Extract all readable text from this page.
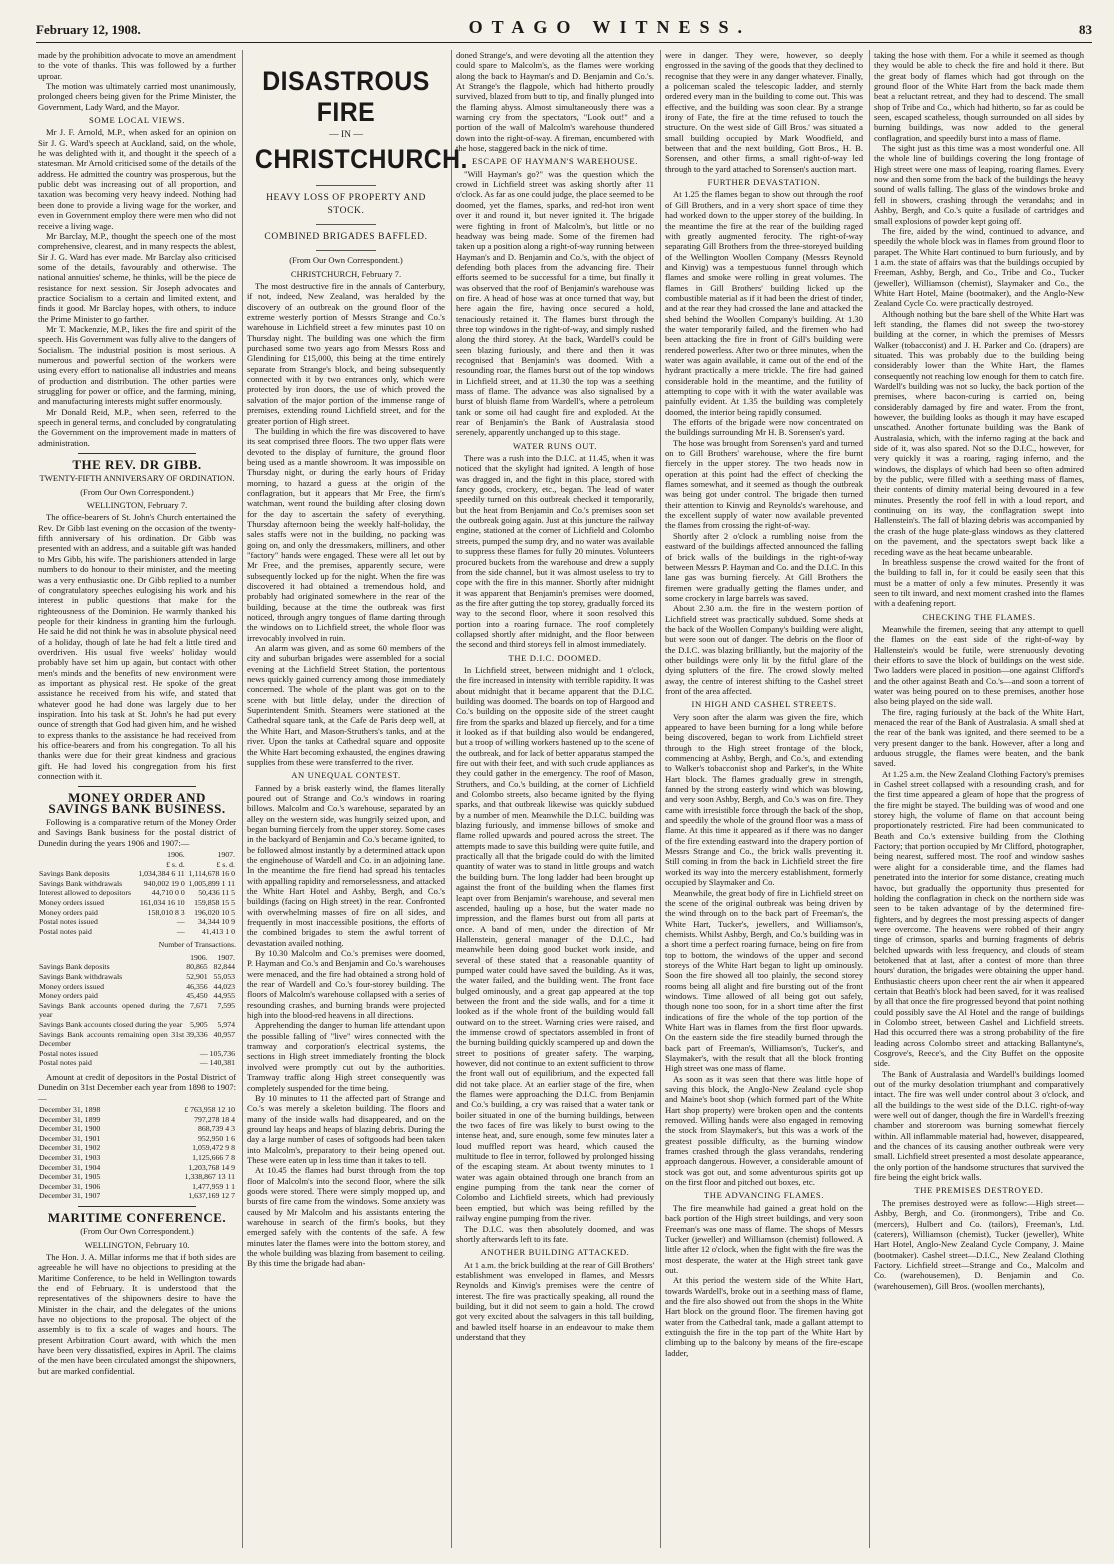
February 12, 1908.	OTAGO WITNESS.	83

made by the prohibition advocate to move an amendment to the vote of thanks. This was followed by a further uproar.

The motion was ultimately carried most unanimously, prolonged cheers being given for the Prime Minister, the Government, Lady Ward, and the Mayor.

SOME LOCAL VIEWS.

Mr J. F. Arnold, M.P., when asked for an opinion on Sir J. G. Ward's speech at Auckland, said, on the whole, he was delighted with it, and thought it the speech of a statesman. Mr Arnold criticised some of the details of the address. He admitted the country was prosperous, but the public debt was increasing out of all proportion, and taxation was becoming very heavy indeed. Nothing had been done to provide a living wage for the worker, and even in Government employ there were men who did not receive a living wage.

Mr Barclay, M.P., thought the speech one of the most comprehensive, clearest, and in many respects the ablest, Sir J. G. Ward has ever made. Mr Barclay also criticised some of the details, favourably and otherwise. The national annuities' scheme, he thinks, will be the piece de resistance for next session. Sir Joseph advocates and practice Socialism to a certain and limited extent, and finds it good. Mr Barclay hopes, with others, to induce the Prime Minister to go farther.

Mr T. Mackenzie, M.P., likes the fire and spirit of the speech. His Government was fully alive to the dangers of Socialism. The industrial position is most serious. A numerous and powerful section of the workers were using every effort to nationalise all industries and means of production and distribution. The other parties were struggling for power or office, and the farming, mining, and manufacturing interests might suffer enormously.

Mr Donald Reid, M.P., when seen, referred to the speech in general terms, and concluded by congratulating the Government on the improvement made in matters of administration.

THE REV. DR GIBB.
TWENTY-FIFTH ANNIVERSARY OF ORDINATION.
(From Our Own Correspondent.)
WELLINGTON, February 7.

The office-bearers of St. John's Church entertained the Rev. Dr Gibb last evening on the occasion of the twenty-fifth anniversary of his ordination. Dr Gibb was presented with an address, and a suitable gift was handed to Mrs Gibb, his wife. The parishioners attended in large numbers to do honour to their minister, and the meeting was a very enthusiastic one. Dr Gibb replied to a number of congratulatory speeches eulogising his work and his interest in public questions that make for the righteousness of the Dominion. He warmly thanked his people for their kindness in granting him the furlough. He said he did not think he was in absolute physical need of a holiday, though of late he had felt a little tired and overdriven. His usual five weeks' holiday would probably have set him up again, but contact with other men's minds and the benefits of new environment were as important as physical rest. He spoke of the great assistance he received from his wife, and stated that whatever good he had done was largely due to her inspiration. Into his task at St. John's he had put every ounce of strength that God had given him, and he wished to express thanks to the assistance he had received from his office-bearers and from his congregation. To all his thanks were due for their great kindness and gracious gift. He had loved his congregation from his first connection with it.

MONEY ORDER AND SAVINGS BANK BUSINESS.

Following is a comparative return of the Money Order and Savings Bank business for the postal district of Dunedin during the years 1906 and 1907:—

	1906.	1907.
	£ s. d.	£ s. d.
Savings Bank deposits	1,034,384 6 11	1,114,678 16 0
Savings Bank withdrawals	940,002 19 0	1,005,899 1 11
Interest allowed to depositors	44,710 0 0	50,436 11 5
Money orders issued	161,034 16 10	159,858 15 5
Money orders paid	158,010 8 3	196,020 10 5
Postal notes issued	—	34,344 10 9
Postal notes paid	—	41,413 1 0
Number of Transactions.
	1906.	1907.
Savings Bank deposits	80,865	82,844
Savings Bank withdrawals	52,901	55,053
Money orders issued	46,356	44,023
Money orders paid	45,450	44,955
Savings Bank accounts opened during the year	7,671	7,595
Savings Bank accounts closed during the year	5,905	5,974
Savings Bank accounts remaining open 31st December	39,336	40,957
Postal notes issued	—	105,736
Postal notes paid	—	140,381

Amount at credit of depositors in the Postal District of Dunedin on 31st December each year from 1898 to 1907:—

December 31, 1898	£ 763,958 12 10
December 31, 1899	797,278 18 4
December 31, 1900	868,739 4 3
December 31, 1901	952,950 1 6
December 31, 1902	1,059,472 9 8
December 31, 1903	1,125,666 7 8
December 31, 1904	1,203,768 14 9
December 31, 1905	1,338,867 13 11
December 31, 1906	1,477,959 1 1
December 31, 1907	1,637,169 12 7
MARITIME CONFERENCE.
(From Our Own Correspondent.)
WELLINGTON, February 10.

The Hon. J. A. Millar informs me that if both sides are agreeable he will have no objections to presiding at the Maritime Conference, to be held in Wellington towards the end of February. It is understood that the representatives of the shipowners desire to have the Minister in the chair, and the delegates of the unions have no objections to the proposal. The object of the assembly is to fix a scale of wages and hours. The present Arbitration Court award, with which the men have been very dissatisfied, expires in April. The claims of the men have been circulated amongst the shipowners, but are marked confidential.

DISASTROUS FIRE
— IN —
CHRISTCHURCH.
HEAVY LOSS OF PROPERTY AND STOCK.
COMBINED BRIGADES BAFFLED.
(From Our Own Correspondent.)
CHRISTCHURCH, February 7.

The most destructive fire in the annals of Canterbury, if not, indeed, New Zealand, was heralded by the discovery of an outbreak on the ground floor of the extreme westerly portion of Messrs Strange and Co.'s warehouse in Lichfield street a few minutes past 10 on Thursday night. The building was one which the firm purchased some two years ago from Messrs Ross and Glendining for £15,000, this being at the time entirely separate from Strange's block, and being subsequently connected with it by two entrances only, which were protected by iron doors, the use of which proved the salvation of the major portion of the immense range of premises, extending round Lichfield street, and for the greater portion of High street.

The building in which the fire was discovered to have its seat comprised three floors. The two upper flats were devoted to the display of furniture, the ground floor being used as a mantle showroom. It was impossible on Thursday night, or during the early hours of Friday morning, to hazard a guess at the origin of the conflagration, but it appears that Mr Free, the firm's watchman, went round the building after closing down for the day to ascertain the safety of everything. Thursday afternoon being the weekly half-holiday, the sales staffs were not in the building, no packing was going on, and only the dressmakers, milliners, and other "factory" hands were engaged. These were all let out by Mr Free, and the premises, apparently secure, were subsequently locked up for the night. When the fire was discovered it had obtained a tremendous hold, and probably had originated somewhere in the rear of the building, because at the time the outbreak was first noticed, through angry tongues of flame darting through the windows on to Lichfield street, the whole floor was irrevocably involved in ruin.

An alarm was given, and as some 60 members of the city and suburban brigades were assembled for a social evening at the Lichfield Street Station, the portentous news quickly gained currency among those immediately concerned. The whole of the plant was got on to the scene with but little delay, under the direction of Superintendent Smith. Steamers were stationed at the Cathedral square tank, at the Cafe de Paris deep well, at the White Hart, and Mason-Struthers's tanks, and at the river. Upon the tanks at Cathedral square and opposite the White Hart becoming exhausted, the engines drawing supplies from these were transferred to the river.

AN UNEQUAL CONTEST.

Fanned by a brisk easterly wind, the flames literally poured out of Strange and Co.'s windows in roaring billows. Malcolm and Co.'s warehouse, separated by an alley on the western side, was hungrily seized upon, and began burning fiercely from the upper storey. Some cases in the backyard of Benjamin and Co.'s became ignited, to be followed almost instantly by a determined attack upon the enginehouse of Wardell and Co. in an adjoining lane. In the meantime the fire fiend had spread his tentacles with appalling rapidity and remorselessness, and attacked the White Hart Hotel and Ashby, Bergh, and Co.'s buildings (facing on High street) in the rear. Confronted with overwhelming masses of fire on all sides, and frequently in most inaccessible positions, the efforts of the combined brigades to stem the awful torrent of devastation availed nothing.

By 10.30 Malcolm and Co.'s premises were doomed, P. Hayman and Co.'s and Benjamin and Co.'s warehouses were menaced, and the fire had obtained a strong hold of the rear of Wardell and Co.'s four-storey building. The floors of Malcolm's warehouse collapsed with a series of resounding crashes, and burning brands were projected high into the blood-red heavens in all directions.

Apprehending the danger to human life attendant upon the possible falling of "live" wires connected with the tramway and corporation's electrical systems, the sections in High street immediately fronting the block involved were promptly cut out by the authorities. Tramway traffic along High street consequently was completely suspended for the time being.

By 10 minutes to 11 the affected part of Strange and Co.'s was merely a skeleton building. The floors and many of the inside walls had disappeared, and on the ground lay heaps and heaps of blazing debris. During the day a large number of cases of softgoods had been taken into Malcolm's, preparatory to their being opened out. These were eaten up in less time than it takes to tell.

At 10.45 the flames had burst through from the top floor of Malcolm's into the second floor, where the silk goods were stored. There were simply mopped up, and bursts of fire came from the windows. Some anxiety was caused by Mr Malcolm and his assistants entering the warehouse in search of the firm's books, but they emerged safely with the contents of the safe. A few minutes later the flames were into the bottom storey, and the whole building was blazing from basement to ceiling. By this time the brigade had aban-

doned Strange's, and were devoting all the attention they could spare to Malcolm's, as the flames were working along the back to Hayman's and D. Benjamin and Co.'s. At Strange's the flagpole, which had hitherto proudly survived, blazed from butt to tip, and finally plunged into the flaming abyss. Almost simultaneously there was a warning cry from the spectators, "Look out!" and a portion of the wall of Malcolm's warehouse thundered down into the right-of-way. A fireman, encumbered with the hose, staggered back in the nick of time.

ESCAPE OF HAYMAN'S WAREHOUSE.

"Will Hayman's go?" was the question which the crowd in Lichfield street was asking shortly after 11 o'clock. As far as one could judge, the place seemed to be doomed, yet the flames, sparks, and red-hot iron went over it and round it, but never ignited it. The brigade were fighting in front of Malcolm's, but little or no headway was being made. Some of the firemen had taken up a position along a right-of-way running between Hayman's and D. Benjamin and Co.'s, with the object of defending both places from the advancing fire. Their efforts seemed to be successful for a time, but finally it was observed that the roof of Benjamin's warehouse was on fire. A head of hose was at once turned that way, but here again the fire, having once secured a hold, tenaciously retained it. The flames burst through the three top windows in the right-of-way, and simply rushed along the third storey. At the back, Wardell's could be seen blazing furiously, and there and then it was recognised that Benjamin's was doomed. With a resounding roar, the flames burst out of the top windows in Lichfield street, and at 11.30 the top was a seething mass of flame. The advance was also signalised by a burst of bluish flame from Wardell's, where a petroleum tank or some oil had caught fire and exploded. At the rear of Benjamin's the Bank of Australasia stood serenely, apparently unchanged up to this stage.

WATER RUNS OUT.

There was a rush into the D.I.C. at 11.45, when it was noticed that the skylight had ignited. A length of hose was dragged in, and the fight in this place, stored with fancy goods, crockery, etc., began. The lead of water speedily turned on this outbreak checked it temporarily, but the heat from Benjamin and Co.'s premises soon set the outbreak going again. Just at this juncture the railway engine, stationed at the corner of Lichfield and Colombo streets, pumped the sump dry, and no water was available to suppress these flames for fully 20 minutes. Volunteers procured buckets from the warehouse and drew a supply from the side channel, but it was almost useless to try to cope with the fire in this manner. Shortly after midnight it was apparent that Benjamin's premises were doomed, as the fire after gutting the top storey, gradually forced its way to the second floor, where it soon resolved this portion into a roaring furnace. The roof completely collapsed shortly after midnight, and the floor between the second and third storeys fell in almost immediately.

THE D.I.C. DOOMED.

In Lichfield street, between midnight and 1 o'clock, the fire increased in intensity with terrible rapidity. It was about midnight that it became apparent that the D.I.C. building was doomed. The boards on top of Hargood and Co.'s building on the opposite side of the street caught fire from the sparks and blazed up fiercely, and for a time it looked as if that building also would be endangered, but a troop of willing workers hastened up to the scene of the outbreak, and for lack of better apparatus stamped the fire out with their feet, and with such crude appliances as they could gather in the emergency. The roof of Mason, Struthers, and Co.'s building, at the corner of Lichfield and Colombo streets, also became ignited by the flying sparks, and that outbreak likewise was quickly subdued by a number of men. Meanwhile the D.I.C. building was blazing furiously, and immense billows of smoke and flame rolled upwards and poured across the street. The attempts made to save this building were quite futile, and practically all that the brigade could do with the limited quantity of water was to stand in little groups and watch the building burn. The long ladder had been brought up against the front of the building when the flames first leapt over from Benjamin's warehouse, and several men ascended, hauling up a hose, but the water made no impression, and the flames burst out from all parts at once. A band of men, under the direction of Mr Hallenstein, general manager of the D.I.C., had meanwhile been doing good bucket work inside, and several of these stated that a reasonable quantity of pumped water could have saved the building. As it was, the water failed, and the building went. The front face bulged ominously, and a great gap appeared at the top between the front and the side walls, and for a time it looked as if the whole front of the building would fall outward on to the street. Warning cries were raised, and the immense crowd of spectators assembled in front of the burning building quickly scampered up and down the street to positions of greater safety. The warping, however, did not continue to an extent sufficient to throw the front wall out of equilibrium, and the expected fall did not take place. At an earlier stage of the fire, when the flames were approaching the D.I.C. from Benjamin and Co.'s building, a cry was raised that a water tank or boiler situated in one of the burning buildings, between the two faces of fire was likely to burst owing to the intense heat, and, sure enough, some few minutes later a loud muffled report was heard, which caused the multitude to flee in terror, followed by prolonged hissing of the escaping steam. At about twenty minutes to 1 water was again obtained through one branch from an engine pumping from the tank near the corner of Colombo and Lichfield streets, which had previously been emptied, but which was being refilled by the railway engine pumping from the river.

The D.I.C. was then absolutely doomed, and was shortly afterwards left to its fate.

ANOTHER BUILDING ATTACKED.

At 1 a.m. the brick building at the rear of Gill Brothers' establishment was enveloped in flames, and Messrs Reynolds and Kinvig's premises were the centre of interest. The fire was practically speaking, all round the building, but it did not seem to gain a hold. The crowd got very excited about the salvagers in this tall building, and bawled itself hoarse in an endeavour to make them understand that they

were in danger. They were, however, so deeply engrossed in the saving of the goods that they declined to recognise that they were in any danger whatever. Finally, a policeman scaled the telescopic ladder, and sternly ordered every man in the building to come out. This was effective, and the building was soon clear. By a strange irony of Fate, the fire at the time refused to touch the structure. On the west side of Gill Bros.' was situated a small building occupied by Mark Woodfield, and between that and the next building, Gott Bros., H. B. Sorensen, and other firms, a small right-of-way led through to the yard attached to Sorensen's auction mart.

FURTHER DEVASTATION.

At 1.25 the flames began to show out through the roof of Gill Brothers, and in a very short space of time they had worked down to the upper storey of the building. In the meantime the fire at the rear of the building raged with greatly augmented ferocity. The right-of-way separating Gill Brothers from the three-storeyed building of the Wellington Woollen Company (Messrs Reynold and Kinvig) was a tempestuous funnel through which flames and smoke were rolling in great volumes. The flames in Gill Brothers' building licked up the combustible material as if it had been the driest of tinder, and at the rear they had crossed the lane and attacked the shed behind the Woollen Company's building. At 1.30 the water temporarily failed, and the firemen who had been attacking the fire in front of Gill's building were rendered powerless. After two or three minutes, when the water was again available, it came out of the end of the hydrant practically a mere trickle. The fire had gained considerable hold in the meantime, and the futility of attempting to cope with it with the water available was painfully evident. At 1.35 the building was completely doomed, the interior being rapidly consumed.

The efforts of the brigade were now concentrated on the buildings surrounding Mr H. B. Sorensen's yard.

The hose was brought from Sorensen's yard and turned on to Gill Brothers' warehouse, where the fire burnt fiercely in the upper storey. The two heads now in operation at this point had the effect of checking the flames somewhat, and it seemed as though the outbreak was being got under control. The brigade then turned their attention to Kinvig and Reynolds's warehouse, and the excellent supply of water now available prevented the flames from crossing the right-of-way.

Shortly after 2 o'clock a rumbling noise from the eastward of the buildings affected announced the falling of brick walls of the buildings in the right-of-way between Messrs P. Hayman and Co. and the D.I.C. In this lane gas was burning fiercely. At Gill Brothers the firemen were gradually getting the flames under, and some crockery in large barrels was saved.

About 2.30 a.m. the fire in the western portion of Lichfield street was practically subdued. Some sheds at the back of the Woollen Company's building were alight, but were soon out of danger. The debris on the floor of the D.I.C. was blazing brilliantly, but the majority of the other buildings were only lit by the fitful glare of the dying splutters of the fire. The crowd slowly melted away, the centre of interest shifting to the Cashel street front of the area affected.

IN HIGH AND CASHEL STREETS.

Very soon after the alarm was given the fire, which appeared to have been burning for a long while before being discovered, began to work from Lichfield street through to the High street frontage of the block, commencing at Ashby, Bergh, and Co.'s, and extending to Walker's tobacconist shop and Parker's, in the White Hart block. The flames gradually grew in strength, fanned by the strong easterly wind which was blowing, and very soon Ashby, Bergh, and Co.'s was on fire. They came with irresistible force through the back of the shop, and speedily the whole of the ground floor was a mass of flame. At this time it appeared as if there was no danger of the fire extending eastward into the drapery portion of Messrs Strange and Co., the brick walls preventing it. Still coming in from the back in Lichfield street the fire worked its way into the mercery establishment, formerly occupied by Slaymaker and Co.

Meanwhile, the great body of fire in Lichfield street on the scene of the original outbreak was being driven by the wind through on to the back part of Freeman's, the White Hart, Tucker's, jewellers, and Williamson's, chemists. Whilst Ashby, Bergh, and Co.'s building was in a short time a perfect roaring furnace, being on fire from top to bottom, the windows of the upper and second storeys of the White Hart began to light up ominously. Soon the fire showed all too plainly, the second storey rooms being all alight and fire bursting out of the front windows. Time allowed of all being got out safely, though none too soon, for in a short time after the first indications of fire the whole of the top portion of the White Hart was in flames from the first floor upwards. On the eastern side the fire steadily burned through the back part of Freeman's, Williamson's, Tucker's, and Slaymaker's, with the result that all the block fronting High street was one mass of flame.

As soon as it was seen that there was little hope of saving this block, the Anglo-New Zealand cycle shop and Maine's boot shop (which formed part of the White Hart shop property) were broken open and the contents removed. Willing hands were also engaged in removing the stock from Slaymaker's, but this was a work of the greatest possible difficulty, as the burning window frames crashed through the glass verandahs, rendering approach dangerous. However, a considerable amount of stock was got out, and some adventurous spirits got up on the first floor and pitched out boxes, etc.

THE ADVANCING FLAMES.

The fire meanwhile had gained a great hold on the back portion of the High street buildings, and very soon Freeman's was one mass of flame. The shops of Messrs Tucker (jeweller) and Williamson (chemist) followed. A little after 12 o'clock, when the fight with the fire was the most desperate, the water at the High street tank gave out.

At this period the western side of the White Hart, towards Wardell's, broke out in a seething mass of flame, and the fire also showed out from the shops in the White Hart block on the ground floor. The firemen having got water from the Cathedral tank, made a gallant attempt to extinguish the fire in the top part of the White Hart by climbing up to the balcony by means of the fire-escape ladder,

taking the hose with them. For a while it seemed as though they would be able to check the fire and hold it there. But the great body of flames which had got through on the ground floor of the White Hart from the back made them beat a reluctant retreat, and they had to descend. The small shop of Tribe and Co., which had hitherto, so far as could be seen, escaped scatheless, though surrounded on all sides by burning buildings, was now added to the general conflagration, and speedily burst into a mass of flame.

The sight just as this time was a most wonderful one. All the whole line of buildings covering the long frontage of High street were one mass of leaping, roaring flames. Every now and then some from the back of the buildings the heavy sound of walls falling. The glass of the windows broke and fell in showers, crashing through the verandahs; and in Ashby, Bergh, and Co.'s quite a fusilade of cartridges and small explosions of powder kept going off.

The fire, aided by the wind, continued to advance, and speedily the whole block was in flames from ground floor to parapet. The White Hart continued to burn furiously, and by 1 a.m. the state of affairs was that the buildings occupied by Freeman, Ashby, Bergh, and Co., Tribe and Co., Tucker (jeweller), Williamson (chemist), Slaymaker and Co., the White Hart Hotel, Maine (bootmaker), and the Anglo-New Zealand Cycle Co. were practically destroyed.

Although nothing but the bare shell of the White Hart was left standing, the flames did not sweep the two-storey building at the corner, in which the premises of Messrs Walker (tobacconist) and J. H. Parker and Co. (drapers) are situated. This was probably due to the building being considerably lower than the White Hart, the flames consequently not reaching low enough for them to catch fire. Wardell's building was not so lucky, the back portion of the premises, where bacon-curing is carried on, being considerably damaged by fire and water. From the front, however, the building looks as though it may have escaped unscathed. Another fortunate building was the Bank of Australasia, which, with the inferno raging at the back and side of it, was also spared. Not so the D.I.C., however, for very quickly it was a roaring, raging inferno, and the windows, the displays of which had been so often admired by the public, were filled with a seething mass of flames, their contents of dimity material being devoured in a few minutes. Presently the roof fell in with a loud report, and continuing on its way, the conflagration swept into Hallenstein's. The fall of blazing debris was accompanied by the crash of the huge plate-glass windows as they clattered on the pavement, and the spectators swept back like a receding wave as the heat became unbearable.

In breathless suspense the crowd waited for the front of the building to fall in, for it could be easily seen that this must be a matter of only a few minutes. Presently it was seen to tilt inward, and next moment crashed into the flames with a deafening report.

CHECKING THE FLAMES.

Meanwhile the firemen, seeing that any attempt to quell the flames on the east side of the right-of-way by Hallenstein's would be futile, were strenuously devoting their efforts to save the block of buildings on the west side. Two ladders were placed in position—one against Clifford's and the other against Beath and Co.'s—and soon a torrent of water was being poured on to these premises, another hose also being played on the side wall.

The fire, raging furiously at the back of the White Hart, menaced the rear of the Bank of Australasia. A small shed at the rear of the bank was ignited, and there seemed to be a very present danger to the bank. However, after a long and arduous struggle, the flames were beaten, and the bank saved.

At 1.25 a.m. the New Zealand Clothing Factory's premises in Cashel street collapsed with a resounding crash, and for the first time appeared a gleam of hope that the progress of the fire might be stayed. The building was of wood and one storey high, the volume of flame on that account being proportionately restricted. Fire had been communicated to Beath and Co.'s extensive building from the Clothing Factory; that portion occupied by Mr Clifford, photographer, being nearest, suffered most. The roof and window sashes were alight for a considerable time, and the flames had penetrated into the interior for some distance, creating much havoc, but gradually the opportunity thus presented for holding the conflagration in check on the northern side was seen to be taken advantage of by the determined fire-fighters, and by degrees the most pressing aspects of danger were overcome. The heavens were robbed of their angry tinge of crimson, sparks and burning fragments of debris belched upwards with less frequency, and clouds of steam betokened that at last, after a contest of more than three hours' duration, the brigades were obtaining the upper hand. Enthusiastic cheers upon cheer rent the air when it appeared certain that Beath's block had been saved, for it was realised by all that once the fire progressed beyond that point nothing could possibly save the Al Hotel and the range of buildings in Colombo street, between Cashel and Lichfield streets. Had this occurred there was a strong probability of the fire leading across Colombo street and attacking Ballantyne's, Cosgrove's, Reece's, and the City Buffet on the opposite side.

The Bank of Australasia and Wardell's buildings loomed out of the murky desolation triumphant and comparatively intact. The fire was well under control about 3 o'clock, and all the buildings to the west side of the D.I.C. right-of-way were well out of danger, though the fire in Wardell's freezing chamber and storeroom was burning somewhat fiercely within. All inflammable material had, however, disappeared, and the chances of its causing another outbreak were very small. Lichfield street presented a most desolate appearance, the only portion of the handsome structures that survived the fire being the eight brick walls.

THE PREMISES DESTROYED.

The premises destroyed were as follow:—High street—Ashby, Bergh, and Co. (ironmongers), Tribe and Co. (mercers), Hulbert and Co. (tailors), Freeman's, Ltd. (caterers), Williamson (chemist), Tucker (jeweller), White Hart Hotel, Anglo-New Zealand Cycle Company, J. Maine (bootmaker). Cashel street—D.I.C., New Zealand Clothing Factory. Lichfield street—Strange and Co., Malcolm and Co. (warehousemen), D. Benjamin and Co. (warehousemen), Gill Bros. (woollen merchants),
